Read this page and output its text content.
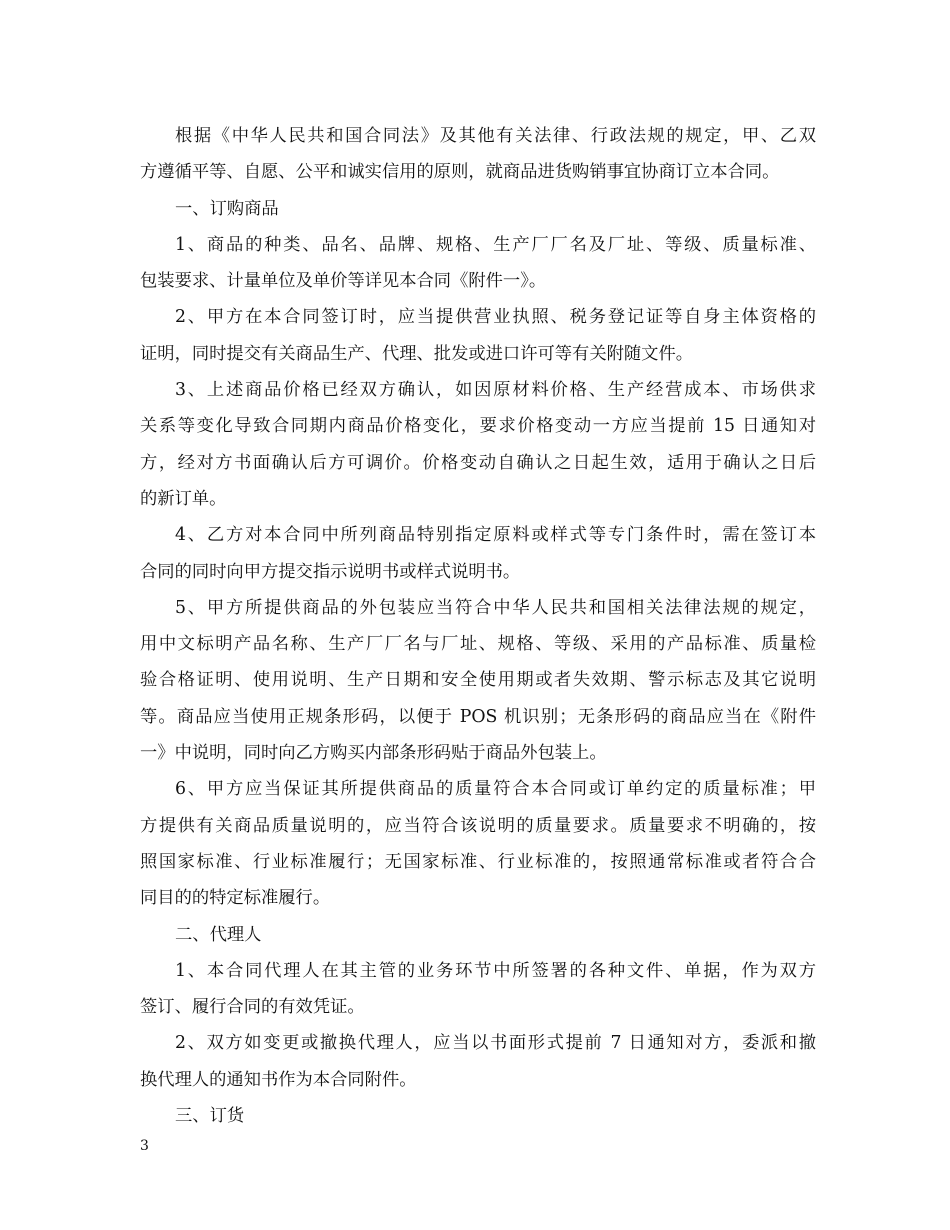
根据《中华人民共和国合同法》及其他有关法律、行政法规的规定，甲、乙双
方遵循平等、自愿、公平和诚实信用的原则，就商品进货购销事宜协商订立本合同。
一、订购商品
1、商品的种类、品名、品牌、规格、生产厂厂名及厂址、等级、质量标准、
包装要求、计量单位及单价等详见本合同《附件一》。
2、甲方在本合同签订时，应当提供营业执照、税务登记证等自身主体资格的
证明，同时提交有关商品生产、代理、批发或进口许可等有关附随文件。
3、上述商品价格已经双方确认，如因原材料价格、生产经营成本、市场供求
关系等变化导致合同期内商品价格变化，要求价格变动一方应当提前 15 日通知对
方，经对方书面确认后方可调价。价格变动自确认之日起生效，适用于确认之日后
的新订单。
4、乙方对本合同中所列商品特别指定原料或样式等专门条件时，需在签订本
合同的同时向甲方提交指示说明书或样式说明书。
5、甲方所提供商品的外包装应当符合中华人民共和国相关法律法规的规定，
用中文标明产品名称、生产厂厂名与厂址、规格、等级、采用的产品标准、质量检
验合格证明、使用说明、生产日期和安全使用期或者失效期、警示标志及其它说明
等。商品应当使用正规条形码，以便于 POS 机识别；无条形码的商品应当在《附件
一》中说明，同时向乙方购买内部条形码贴于商品外包装上。
6、甲方应当保证其所提供商品的质量符合本合同或订单约定的质量标准；甲
方提供有关商品质量说明的，应当符合该说明的质量要求。质量要求不明确的，按
照国家标准、行业标准履行；无国家标准、行业标准的，按照通常标准或者符合合
同目的的特定标准履行。
二、代理人
1、本合同代理人在其主管的业务环节中所签署的各种文件、单据，作为双方
签订、履行合同的有效凭证。
2、双方如变更或撤换代理人，应当以书面形式提前 7 日通知对方，委派和撤
换代理人的通知书作为本合同附件。
三、订货
3
